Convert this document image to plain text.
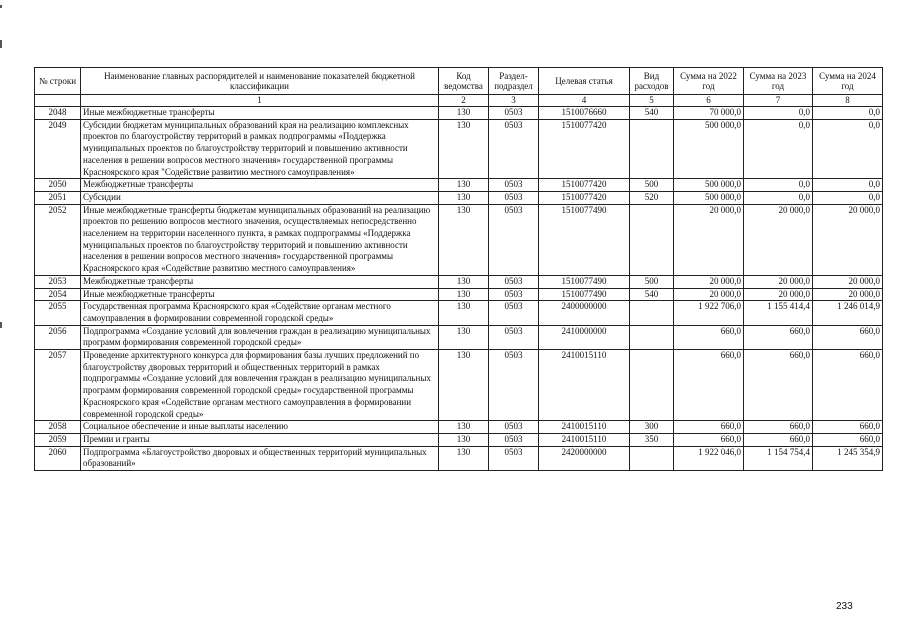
№ строки	Наименование главных распорядителей и наименование показателей бюджетной классификации	Код ведомства	Раздел- подраздел	Целевая статья	Вид расходов	Сумма на 2022 год	Сумма на 2023 год	Сумма на 2024 год
	1	2	3	4	5	6	7	8
2048	Иные межбюджетные трансферты	130	0503	1510076660	540	70 000,0	0,0	0,0
2049	Субсидии бюджетам муниципальных образований края на реализацию комплексных проектов по благоустройству территорий в рамках подпрограммы «Поддержка муниципальных проектов по благоустройству территорий и повышению активности населения в решении вопросов местного значения» государственной программы Красноярского края "Содействие развитию местного самоуправления»	130	0503	1510077420		500 000,0	0,0	0,0
2050	Межбюджетные трансферты	130	0503	1510077420	500	500 000,0	0,0	0,0
2051	Субсидии	130	0503	1510077420	520	500 000,0	0,0	0,0
2052	Иные межбюджетные трансферты бюджетам муниципальных образований на реализацию проектов по решению вопросов местного значения, осуществляемых непосредственно населением на территории населенного пункта, в рамках подпрограммы «Поддержка муниципальных проектов по благоустройству территорий и повышению активности населения в решении вопросов местного значения» государственной программы Красноярского края «Содействие развитию местного самоуправления»	130	0503	1510077490		20 000,0	20 000,0	20 000,0
2053	Межбюджетные трансферты	130	0503	1510077490	500	20 000,0	20 000,0	20 000,0
2054	Иные межбюджетные трансферты	130	0503	1510077490	540	20 000,0	20 000,0	20 000,0
2055	Государственная программа Красноярского края «Содействие органам местного самоуправления в формировании современной городской среды»	130	0503	2400000000		1 922 706,0	1 155 414,4	1 246 014,9
2056	Подпрограмма «Создание условий для вовлечения граждан в реализацию муниципальных программ формирования современной городской среды»	130	0503	2410000000		660,0	660,0	660,0
2057	Проведение архитектурного конкурса для формирования базы лучших предложений по благоустройству дворовых территорий и общественных территорий в рамках подпрограммы «Создание условий для вовлечения граждан в реализацию муниципальных программ формирования современной городской среды» государственной программы Красноярского края «Содействие органам местного самоуправления в формировании современной городской среды»	130	0503	2410015110		660,0	660,0	660,0
2058	Социальное обеспечение и иные выплаты населению	130	0503	2410015110	300	660,0	660,0	660,0
2059	Премии и гранты	130	0503	2410015110	350	660,0	660,0	660,0
2060	Подпрограмма «Благоустройство дворовых и общественных территорий муниципальных образований»	130	0503	2420000000		1 922 046,0	1 154 754,4	1 245 354,9
233
